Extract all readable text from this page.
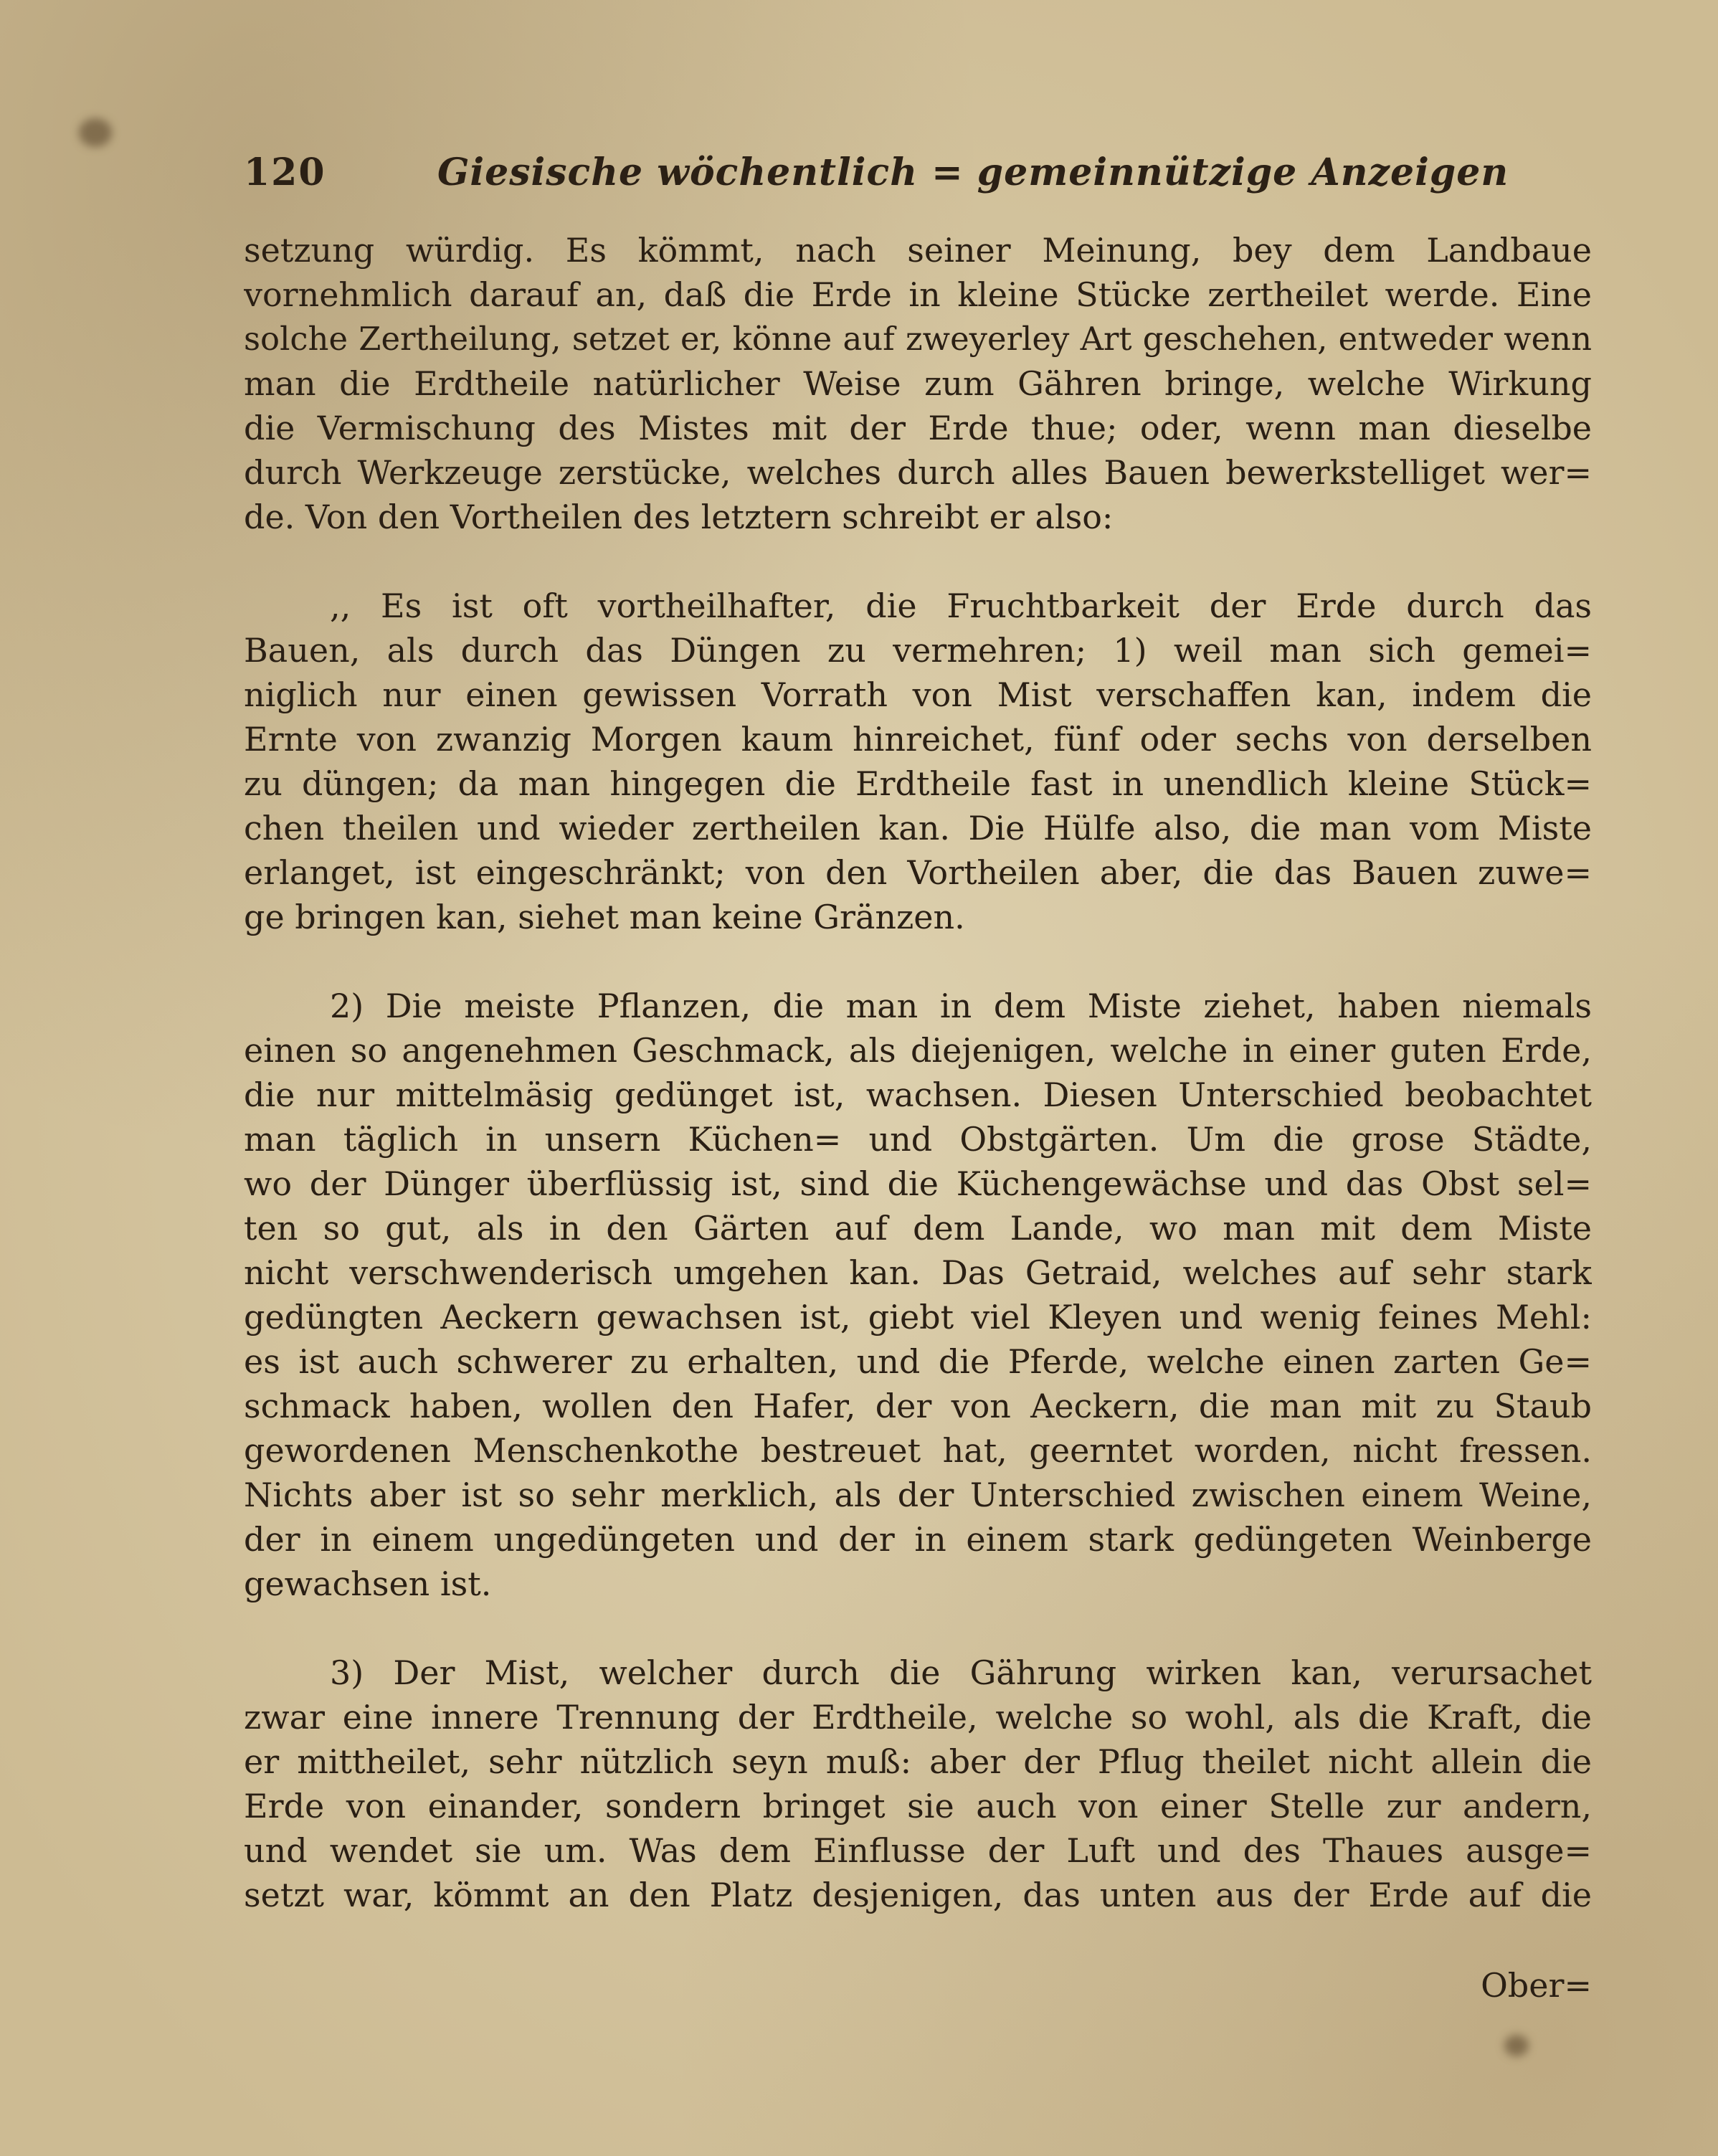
120	Giesische wöchentlich = gemeinnützige Anzeigen
setzung würdig. Es kömmt, nach seiner Meinung, bey dem Landbaue
vornehmlich darauf an, daß die Erde in kleine Stücke zertheilet werde. Eine
solche Zertheilung, setzet er, könne auf zweyerley Art geschehen, entweder wenn
man die Erdtheile natürlicher Weise zum Gähren bringe, welche Wirkung
die Vermischung des Mistes mit der Erde thue; oder, wenn man dieselbe
durch Werkzeuge zerstücke, welches durch alles Bauen bewerkstelliget wer=
de. Von den Vortheilen des letztern schreibt er also:
,, Es ist oft vortheilhafter, die Fruchtbarkeit der Erde durch das
Bauen, als durch das Düngen zu vermehren; 1) weil man sich gemei=
niglich nur einen gewissen Vorrath von Mist verschaffen kan, indem die
Ernte von zwanzig Morgen kaum hinreichet, fünf oder sechs von derselben
zu düngen; da man hingegen die Erdtheile fast in unendlich kleine Stück=
chen theilen und wieder zertheilen kan. Die Hülfe also, die man vom Miste
erlanget, ist eingeschränkt; von den Vortheilen aber, die das Bauen zuwe=
ge bringen kan, siehet man keine Gränzen.
2) Die meiste Pflanzen, die man in dem Miste ziehet, haben niemals
einen so angenehmen Geschmack, als diejenigen, welche in einer guten Erde,
die nur mittelmäsig gedünget ist, wachsen. Diesen Unterschied beobachtet
man täglich in unsern Küchen= und Obstgärten. Um die grose Städte,
wo der Dünger überflüssig ist, sind die Küchengewächse und das Obst sel=
ten so gut, als in den Gärten auf dem Lande, wo man mit dem Miste
nicht verschwenderisch umgehen kan. Das Getraid, welches auf sehr stark
gedüngten Aeckern gewachsen ist, giebt viel Kleyen und wenig feines Mehl:
es ist auch schwerer zu erhalten, und die Pferde, welche einen zarten Ge=
schmack haben, wollen den Hafer, der von Aeckern, die man mit zu Staub
gewordenen Menschenkothe bestreuet hat, geerntet worden, nicht fressen.
Nichts aber ist so sehr merklich, als der Unterschied zwischen einem Weine,
der in einem ungedüngeten und der in einem stark gedüngeten Weinberge
gewachsen ist.
3) Der Mist, welcher durch die Gährung wirken kan, verursachet
zwar eine innere Trennung der Erdtheile, welche so wohl, als die Kraft, die
er mittheilet, sehr nützlich seyn muß: aber der Pflug theilet nicht allein die
Erde von einander, sondern bringet sie auch von einer Stelle zur andern,
und wendet sie um. Was dem Einflusse der Luft und des Thaues ausge=
setzt war, kömmt an den Platz desjenigen, das unten aus der Erde auf die
Ober=
